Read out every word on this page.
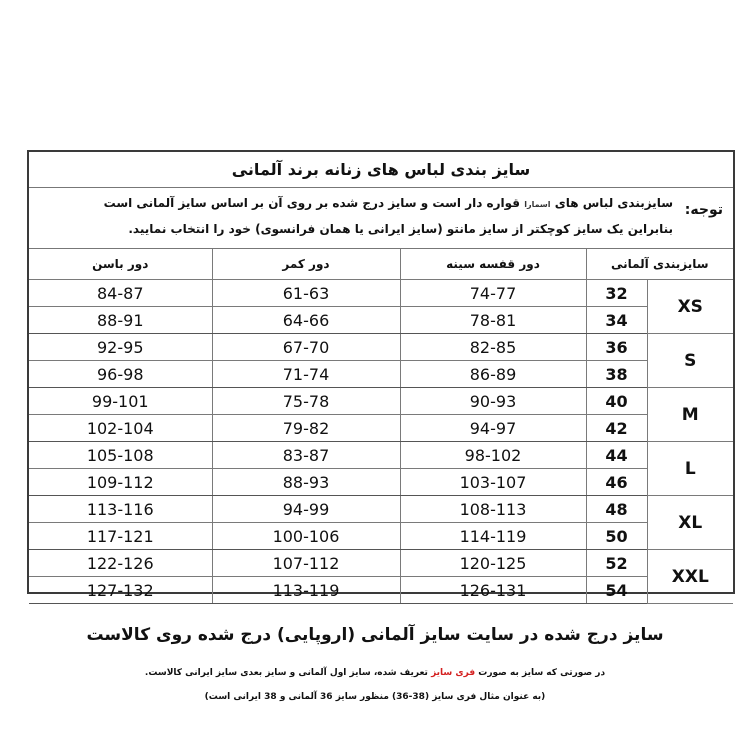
سایز بندی لباس های زنانه برند آلمانی
توجه:
سایزبندی لباس های اسمارا قواره دار است و سایز درج شده بر روی آن بر اساس سایز آلمانی است
بنابراین یک سایز کوچکتر از سایز مانتو (سایز ایرانی یا همان فرانسوی) خود را انتخاب نمایید.
دور باسن	دور کمر	دور قفسه سینه	سایزبندی آلمانی	
84-87	61-63	74-77	32	XS
88-91	64-66	78-81	34	
92-95	67-70	82-85	36	S
96-98	71-74	86-89	38	
99-101	75-78	90-93	40	M
102-104	79-82	94-97	42	
105-108	83-87	98-102	44	L
109-112	88-93	103-107	46	
113-116	94-99	108-113	48	XL
117-121	100-106	114-119	50	
122-126	107-112	120-125	52	XXL
127-132	113-119	126-131	54	
سایز درج شده در سایت سایز آلمانی (اروپایی) درج شده روی کالاست
در صورتی که سایز به صورت فری سایز تعریف شده، سایز اول آلمانی و سایز بعدی سایز ایرانی کالاست.
(به عنوان مثال فری سایز (38-36) منظور سایز 36 آلمانی و 38 ایرانی است)
